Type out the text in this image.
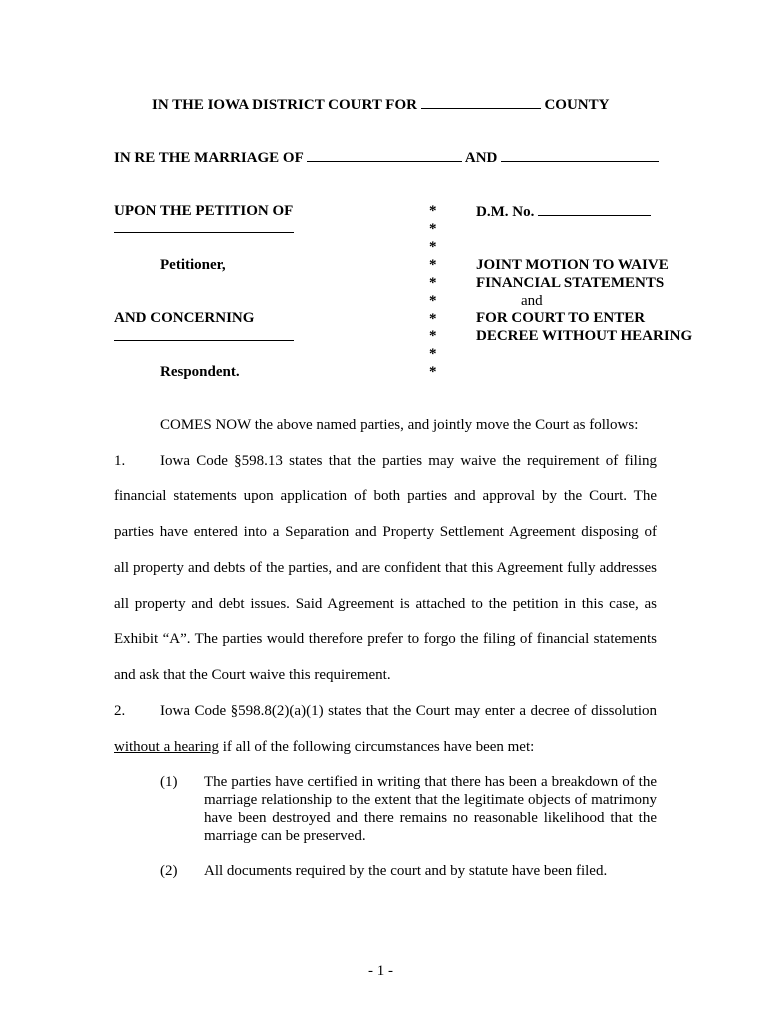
IN THE IOWA DISTRICT COURT FOR	COUNTY
IN RE THE MARRIAGE OF	AND
UPON THE PETITION OF
Petitioner,
AND CONCERNING
Respondent.
*
*
*
*
*
*
*
*
*
*
D.M. No.
JOINT MOTION TO WAIVE
FINANCIAL STATEMENTS
and
FOR COURT TO ENTER
DECREE WITHOUT HEARING
COMES NOW the above named parties, and jointly move the Court as follows:
1. Iowa Code §598.13 states that the parties may waive the requirement of filing
financial statements upon application of both parties and approval by the Court. The
parties have entered into a Separation and Property Settlement Agreement disposing of
all property and debts of the parties, and are confident that this Agreement fully addresses
all property and debt issues. Said Agreement is attached to the petition in this case, as
Exhibit “A”. The parties would therefore prefer to forgo the filing of financial statements
and ask that the Court waive this requirement.
2. Iowa Code §598.8(2)(a)(1) states that the Court may enter a decree of dissolution
without a hearing if all of the following circumstances have been met:
(1) The parties have certified in writing that there has been a breakdown of the marriage relationship to the extent that the legitimate objects of matrimony have been destroyed and there remains no reasonable likelihood that the marriage can be preserved.
(2) All documents required by the court and by statute have been filed.
- 1 -
